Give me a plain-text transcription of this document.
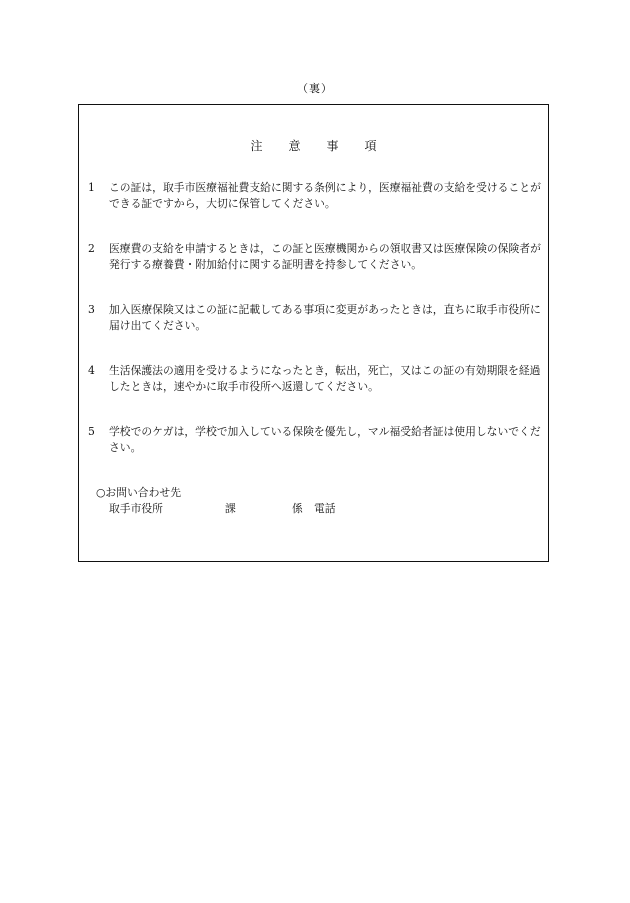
（裏）
注 意 事 項
1	この証は，取手市医療福祉費支給に関する条例により，医療福祉費の支給を受けることができる証ですから，大切に保管してください。
2	医療費の支給を申請するときは，この証と医療機関からの領収書又は医療保険の保険者が発行する療養費・附加給付に関する証明書を持参してください。
3	加入医療保険又はこの証に記載してある事項に変更があったときは，直ちに取手市役所に届け出てください。
4	生活保護法の適用を受けるようになったとき，転出，死亡，又はこの証の有効期限を経過したときは，速やかに取手市役所へ返還してください。
5	学校でのケガは，学校で加入している保険を優先し，マル福受給者証は使用しないでください。
○お問い合わせ先
取手市役所	課	係 電話
